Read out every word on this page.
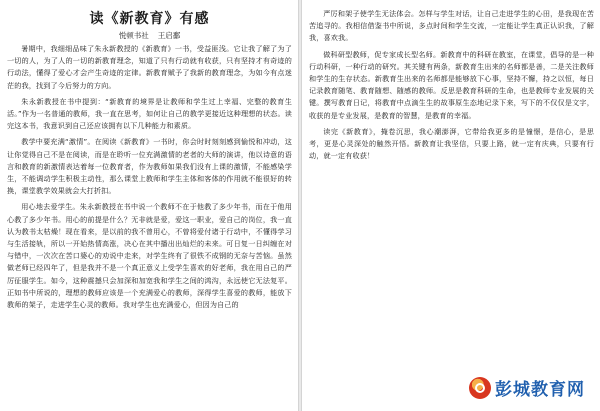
读《新教育》有感
悦顿书社 王启鄱

暑期中，我细细品味了朱永新教授的《新教育》一书，受益匪浅。它让我了解了为了一切的人，为了人的一切的新教育理念，知道了只有行动就有收获，只有坚持才有奇迹的行动法，懂得了爱心才会产生奇迹的定律。新教育赋予了我新的教育理念，为如今有点迷茫的我，找到了今后努力的方向。

朱永新教授在书中提到：“新教育的境界是让教师和学生过上幸福、完整的教育生活。”作为一名普通的教师，我一直在思考，如何让自己的教学更接近这种理想的状态。读完这本书，我意识到自己还应该拥有以下几种能力和素质。

教学中要充满“激情”。在阅读《新教育》一书时，你会时时刻刻感到愉悦和冲动，这让你觉得自己不是在阅读，而是在聆听一位充满激情的老者的大师的演讲，他以诗意的语言和教育的新激情表达着每一位教育者，作为教师如果我们没有上课的激情，不能感染学生，不能调动学生积极主动性，那么课堂上教师和学生主体和客体的作用就不能很好的转换，课堂教学效果就会大打折扣。

用心地去爱学生。朱永新教授在书中说一个教师不在于他教了多少年书，而在于他用心教了多少年书。用心的前提是什么？无非就是爱，爱这一职业，爱自己的岗位，我一直认为教书太枯燥！现在看来，是以前的我不曾用心，不曾将爱付诸于行动中，不懂得学习与生活接轨，所以一开始热情高涨，决心在其中播出出灿烂的未来。可日复一日纠缠在对与错中，一次次在苦口婆心的劝说中走来，对学生终有了很铁不成钢的无奈与苦恼。虽然做老师已经四年了，但是我并不是一个真正意义上受学生喜欢的好老师，我在用自己的严厉征服学生。如今，这种震撼只会加深和加宽我和学生之间的鸿沟，永远使它无法复平。正如书中所说的，理想的教师应该是一个充满爱心的教师，深得学生喜爱的教师，能放下教师的架子，走进学生心灵的教师。我对学生也充满爱心，但因为自己的

严厉和架子使学生无法体会。怎样与学生对话，让自己走进学生的心田，是我现在苦苦追寻的。我相信借鉴书中所说，多点时间和学生交流，一定能让学生真正认识我，了解我，喜欢我。

做科研型教师，促专家成长型名师。新教育中的科研在教室，在课堂，倡导的是一种行动科研，一种行动的研究。其关键有两条，新教育生出来的名师都是善，二是关注教师和学生的生存状态。新教育生出来的名师都是能够放下心事，坚持不懈，持之以恒，每日记录教育随笔、教育随想、随感的教师。反思是教育科研的生命，也是教师专业发展的关键。撰写教育日记，将教育中点滴生生的故事原生态地记录下来，写下的不仅仅是文字，收获的是专业发展，是教育的智慧，是教育的幸福。

读完《新教育》，掩卷沉思，我心潮澎湃，它带给我更多的是憧憬，是信心，是思考，更是心灵深处的触然开悟。新教育让我坚信，只要上路，就一定有庆典，只要有行动，就一定有收获！

彭城教育网
